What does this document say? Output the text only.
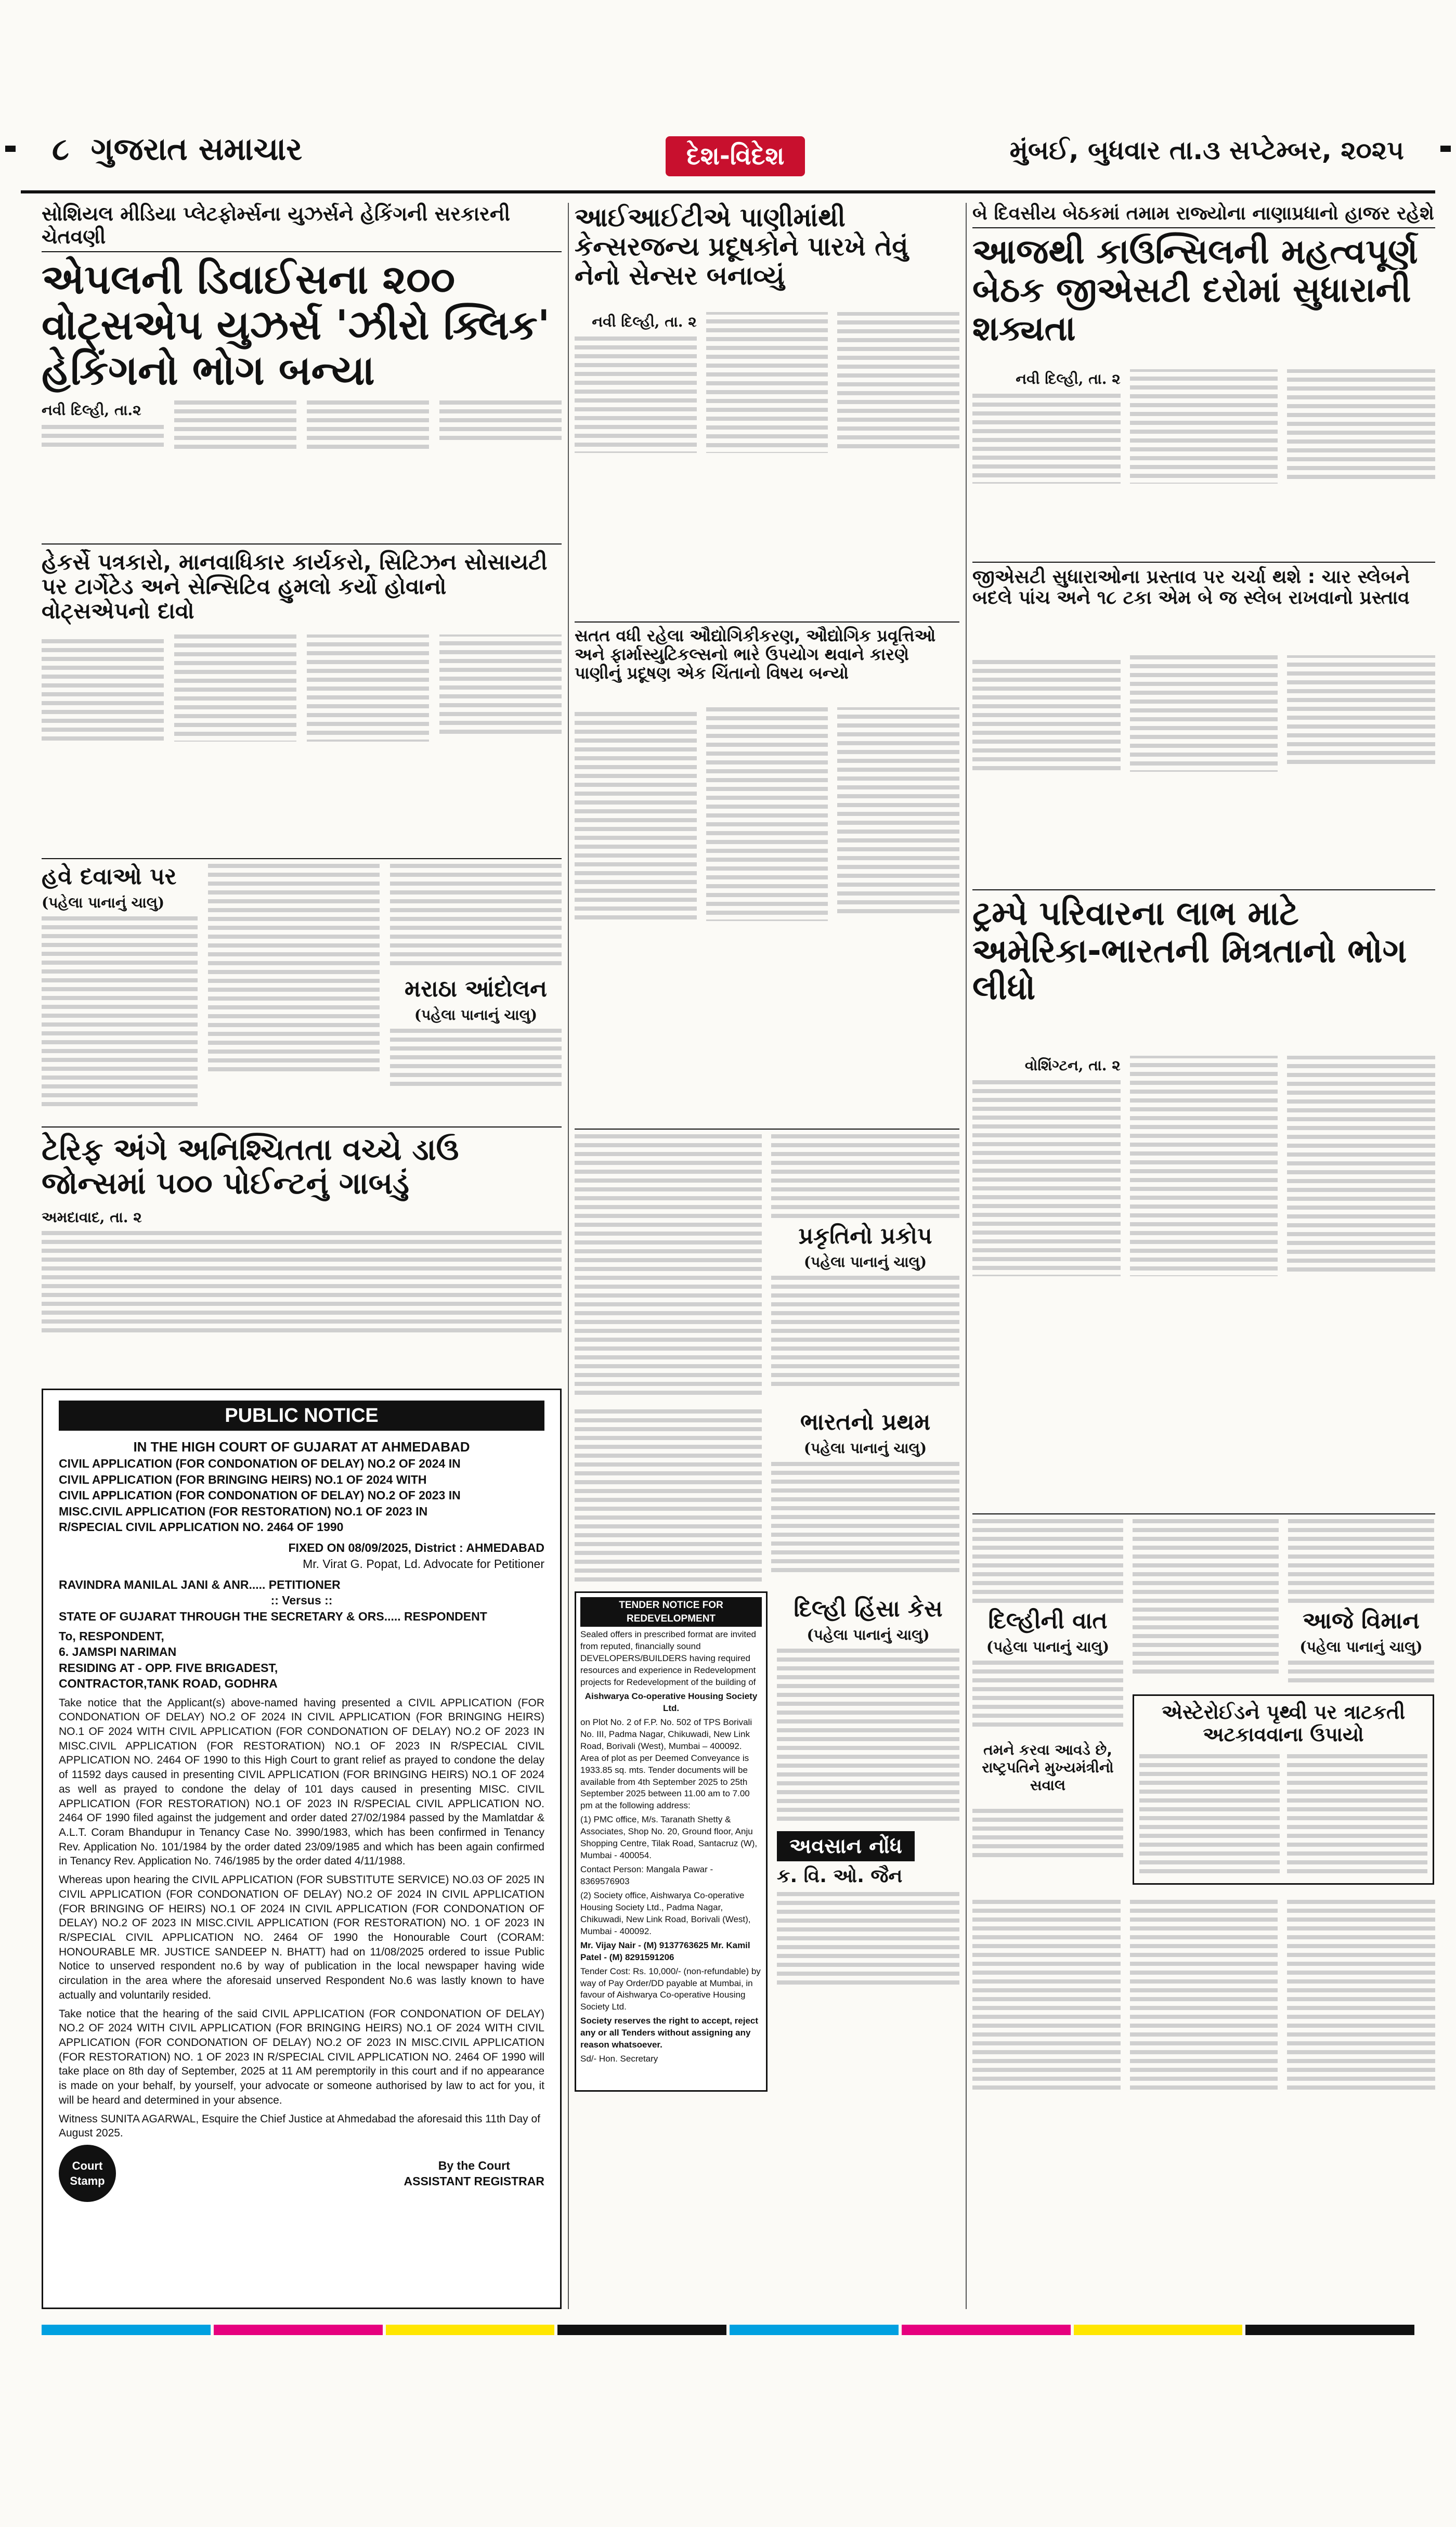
૮ ગુજરાત સમાચાર	દેશ-વિદેશ	મુંબઈ, બુધવાર તા.૩ સપ્ટેમ્બર, ૨૦૨૫

સોશિયલ મીડિયા પ્લેટફોર્મ્સના યુઝર્સને હેકિંગની સરકારની ચેતવણી

એપલની ડિવાઈસના ૨૦૦ વોટ્સએપ યુઝર્સ 'ઝીરો ક્લિક' હેકિંગનો ભોગ બન્યા
નવી દિલ્હી, તા.૨

હેકર્સે પત્રકારો, માનવાધિકાર કાર્યકરો, સિટિઝન સોસાયટી પર ટાર્ગેટેડ અને સેન્સિટિવ હુમલો કર્યો હોવાનો વોટ્સએપનો દાવો

હવે દવાઓ પર

(પહેલા પાનાનું ચાલુ)

મરાઠા આંદોલન

(પહેલા પાનાનું ચાલુ)

ટેરિફ અંગે અનિશ્ચિતતા વચ્ચે ડાઉ જોન્સમાં ૫૦૦ પોઈન્ટનું ગાબડું

અમદાવાદ, તા. ૨

PUBLIC NOTICE
IN THE HIGH COURT OF GUJARAT AT AHMEDABAD
CIVIL APPLICATION (FOR CONDONATION OF DELAY) NO.2 OF 2024 IN
CIVIL APPLICATION (FOR BRINGING HEIRS) NO.1 OF 2024 WITH
CIVIL APPLICATION (FOR CONDONATION OF DELAY) NO.2 OF 2023 IN
MISC.CIVIL APPLICATION (FOR RESTORATION) NO.1 OF 2023 IN
R/SPECIAL CIVIL APPLICATION NO. 2464 OF 1990
FIXED ON 08/09/2025, District : AHMEDABAD
Mr. Virat G. Popat, Ld. Advocate for Petitioner
RAVINDRA MANILAL JANI & ANR..... PETITIONER
:: Versus ::
STATE OF GUJARAT THROUGH THE SECRETARY & ORS..... RESPONDENT
To, RESPONDENT,
6. JAMSPI NARIMAN
RESIDING AT - OPP. FIVE BRIGADEST,
CONTRACTOR,TANK ROAD, GODHRA

Take notice that the Applicant(s) above-named having presented a CIVIL APPLICATION (FOR CONDONATION OF DELAY) NO.2 OF 2024 IN CIVIL APPLICATION (FOR BRINGING HEIRS) NO.1 OF 2024 WITH CIVIL APPLICATION (FOR CONDONATION OF DELAY) NO.2 OF 2023 IN MISC.CIVIL APPLICATION (FOR RESTORATION) NO.1 OF 2023 IN R/SPECIAL CIVIL APPLICATION NO. 2464 OF 1990 to this High Court to grant relief as prayed to condone the delay of 11592 days caused in presenting CIVIL APPLICATION (FOR BRINGING HEIRS) NO.1 OF 2024 as well as prayed to condone the delay of 101 days caused in presenting MISC. CIVIL APPLICATION (FOR RESTORATION) NO.1 OF 2023 IN R/SPECIAL CIVIL APPLICATION NO. 2464 OF 1990 filed against the judgement and order dated 27/02/1984 passed by the Mamlatdar & A.L.T. Coram Bhandupur in Tenancy Case No. 3990/1983, which has been confirmed in Tenancy Rev. Application No. 101/1984 by the order dated 23/09/1985 and which has been again confirmed in Tenancy Rev. Application No. 746/1985 by the order dated 4/11/1988.

Whereas upon hearing the CIVIL APPLICATION (FOR SUBSTITUTE SERVICE) NO.03 OF 2025 IN CIVIL APPLICATION (FOR CONDONATION OF DELAY) NO.2 OF 2024 IN CIVIL APPLICATION (FOR BRINGING OF HEIRS) NO.1 OF 2024 IN CIVIL APPLICATION (FOR CONDONATION OF DELAY) NO.2 OF 2023 IN MISC.CIVIL APPLICATION (FOR RESTORATION) NO. 1 OF 2023 IN R/SPECIAL CIVIL APPLICATION NO. 2464 OF 1990 the Honourable Court (CORAM: HONOURABLE MR. JUSTICE SANDEEP N. BHATT) had on 11/08/2025 ordered to issue Public Notice to unserved respondent no.6 by way of publication in the local newspaper having wide circulation in the area where the aforesaid unserved Respondent No.6 was lastly known to have actually and voluntarily resided.

Take notice that the hearing of the said CIVIL APPLICATION (FOR CONDONATION OF DELAY) NO.2 OF 2024 WITH CIVIL APPLICATION (FOR BRINGING HEIRS) NO.1 OF 2024 WITH CIVIL APPLICATION (FOR CONDONATION OF DELAY) NO.2 OF 2023 IN MISC.CIVIL APPLICATION (FOR RESTORATION) NO. 1 OF 2023 IN R/SPECIAL CIVIL APPLICATION NO. 2464 OF 1990 will take place on 8th day of September, 2025 at 11 AM peremptorily in this court and if no appearance is made on your behalf, by yourself, your advocate or someone authorised by law to act for you, it will be heard and determined in your absence.

Witness SUNITA AGARWAL, Esquire the Chief Justice at Ahmedabad the aforesaid this 11th Day of August 2025.

Court Stamp
By the Court
ASSISTANT REGISTRAR
આઈઆઈટીએ પાણીમાંથી કેન્સરજન્ય પ્રદૂષકોને પારખે તેવું નેનો સેન્સર બનાવ્યું
નવી દિલ્હી, તા. ૨

સતત વધી રહેલા ઔદ્યોગિકીકરણ, ઔદ્યોગિક પ્રવૃત્તિઓ અને ફાર્માસ્યુટિકલ્સનો ભારે ઉપયોગ થવાને કારણે પાણીનું પ્રદૂષણ એક ચિંતાનો વિષય બન્યો

પ્રકૃતિનો પ્રકોપ

(પહેલા પાનાનું ચાલુ)

ભારતનો પ્રથમ

(પહેલા પાનાનું ચાલુ)

TENDER NOTICE FOR REDEVELOPMENT

Sealed offers in prescribed format are invited from reputed, financially sound DEVELOPERS/BUILDERS having required resources and experience in Redevelopment projects for Redevelopment of the building of

Aishwarya Co-operative Housing Society Ltd.

on Plot No. 2 of F.P. No. 502 of TPS Borivali No. III, Padma Nagar, Chikuwadi, New Link Road, Borivali (West), Mumbai – 400092. Area of plot as per Deemed Conveyance is 1933.85 sq. mts. Tender documents will be available from 4th September 2025 to 25th September 2025 between 11.00 am to 7.00 pm at the following address:

(1) PMC office, M/s. Taranath Shetty & Associates, Shop No. 20, Ground floor, Anju Shopping Centre, Tilak Road, Santacruz (W), Mumbai - 400054.

Contact Person: Mangala Pawar - 8369576903

(2) Society office, Aishwarya Co-operative Housing Society Ltd., Padma Nagar, Chikuwadi, New Link Road, Borivali (West), Mumbai - 400092.

Mr. Vijay Nair - (M) 9137763625 Mr. Kamil Patel - (M) 8291591206

Tender Cost: Rs. 10,000/- (non-refundable) by way of Pay Order/DD payable at Mumbai, in favour of Aishwarya Co-operative Housing Society Ltd.

Society reserves the right to accept, reject any or all Tenders without assigning any reason whatsoever.

Sd/- Hon. Secretary

દિલ્હી હિંસા કેસ

(પહેલા પાનાનું ચાલુ)

અવસાન નોંધ

ક. વિ. ઓ. જૈન

બે દિવસીય બેઠકમાં તમામ રાજ્યોના નાણાપ્રધાનો હાજર રહેશે

આજથી કાઉન્સિલની મહત્વપૂર્ણ બેઠક જીએસટી દરોમાં સુધારાની શક્યતા
નવી દિલ્હી, તા. ૨

જીએસટી સુધારાઓના પ્રસ્તાવ પર ચર્ચા થશે : ચાર સ્લેબને બદલે પાંચ અને ૧૮ ટકા એમ બે જ સ્લેબ રાખવાનો પ્રસ્તાવ

ટ્રમ્પે પરિવારના લાભ માટે અમેરિકા-ભારતની મિત્રતાનો ભોગ લીધો
વોશિંગ્ટન, તા. ૨

દિલ્હીની વાત

(પહેલા પાનાનું ચાલુ)

તમને કરવા આવડે છે, રાષ્ટ્રપતિને મુખ્યમંત્રીનો સવાલ

આજે વિમાન

(પહેલા પાનાનું ચાલુ)

એસ્ટેરોઈડને પૃથ્વી પર ત્રાટકતી અટકાવવાના ઉપાયો
